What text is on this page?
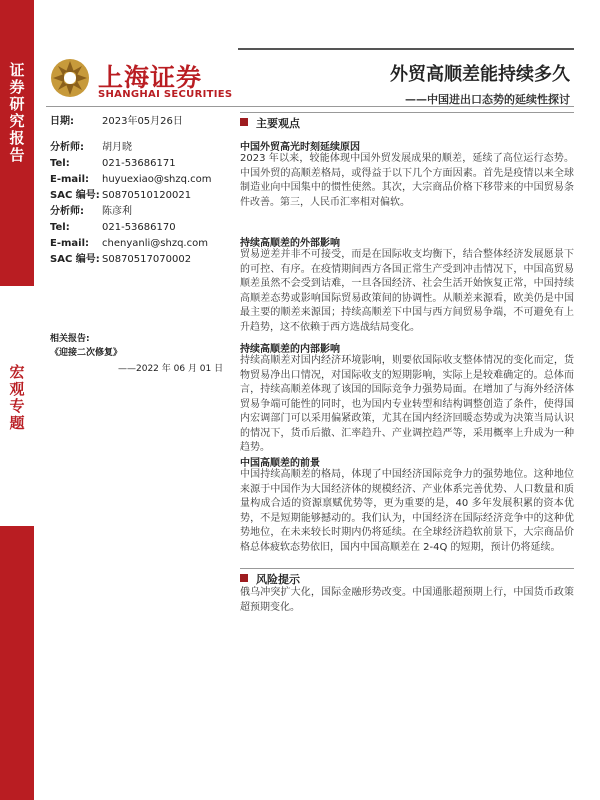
证券研究报告
宏观专题
上海证券
SHANGHAI SECURITIES
外贸高顺差能持续多久
——中国进出口态势的延续性探讨
日期:	2023年05月26日
分析师: 胡月晓
Tel:	021-53686171
E-mail: huyuexiao@shzq.com
SAC 编号: S0870510120021
分析师: 陈彦利
Tel:	021-53686170
E-mail: chenyanli@shzq.com
SAC 编号: S0870517070002
相关报告:
《迎接二次修复》
——2022 年 06 月 01 日
主要观点
中国外贸高光时刻延续原因
2023 年以来，较能体现中国外贸发展成果的顺差，延续了高位运行态势。中国外贸的高顺差格局，或得益于以下几个方面因素。首先是疫情以来全球制造业向中国集中的惯性使然。其次，大宗商品价格下移带来的中国贸易条件改善。第三，人民币汇率相对偏软。
持续高顺差的外部影响
贸易逆差并非不可接受，而是在国际收支均衡下，结合整体经济发展愿景下的可控、有序。在疫情期间西方各国正常生产受到冲击情况下，中国高贸易顺差虽然不会受到诘难，一旦各国经济、社会生活开始恢复正常，中国持续高顺差态势或影响国际贸易政策间的协调性。从顺差来源看，欧美仍是中国最主要的顺差来源国；持续高顺差下中国与西方间贸易争端，不可避免有上升趋势，这不依赖于西方选战结局变化。
持续高顺差的内部影响
持续高顺差对国内经济环境影响，则要依国际收支整体情况的变化而定，货物贸易净出口情况，对国际收支的短期影响，实际上是较难确定的。总体而言，持续高顺差体现了该国的国际竞争力强势局面。在增加了与海外经济体贸易争端可能性的同时，也为国内专业转型和结构调整创造了条件，使得国内宏调部门可以采用偏紧政策，尤其在国内经济回暖态势或为决策当局认识的情况下，货币后撤、汇率趋升、产业调控趋严等，采用概率上升成为一种趋势。
中国高顺差的前景
中国持续高顺差的格局，体现了中国经济国际竞争力的强势地位。这种地位来源于中国作为大国经济体的规模经济、产业体系完善优势、人口数量和质量构成合适的资源禀赋优势等，更为重要的是，40 多年发展积累的资本优势，不是短期能够撼动的。我们认为，中国经济在国际经济竞争中的这种优势地位，在未来较长时期内仍将延续。在全球经济趋软前景下，大宗商品价格总体疲软态势依旧，国内中国高顺差在 2-4Q 的短期，预计仍将延续。
风险提示
俄乌冲突扩大化，国际金融形势改变。中国通胀超预期上行，中国货币政策超预期变化。
